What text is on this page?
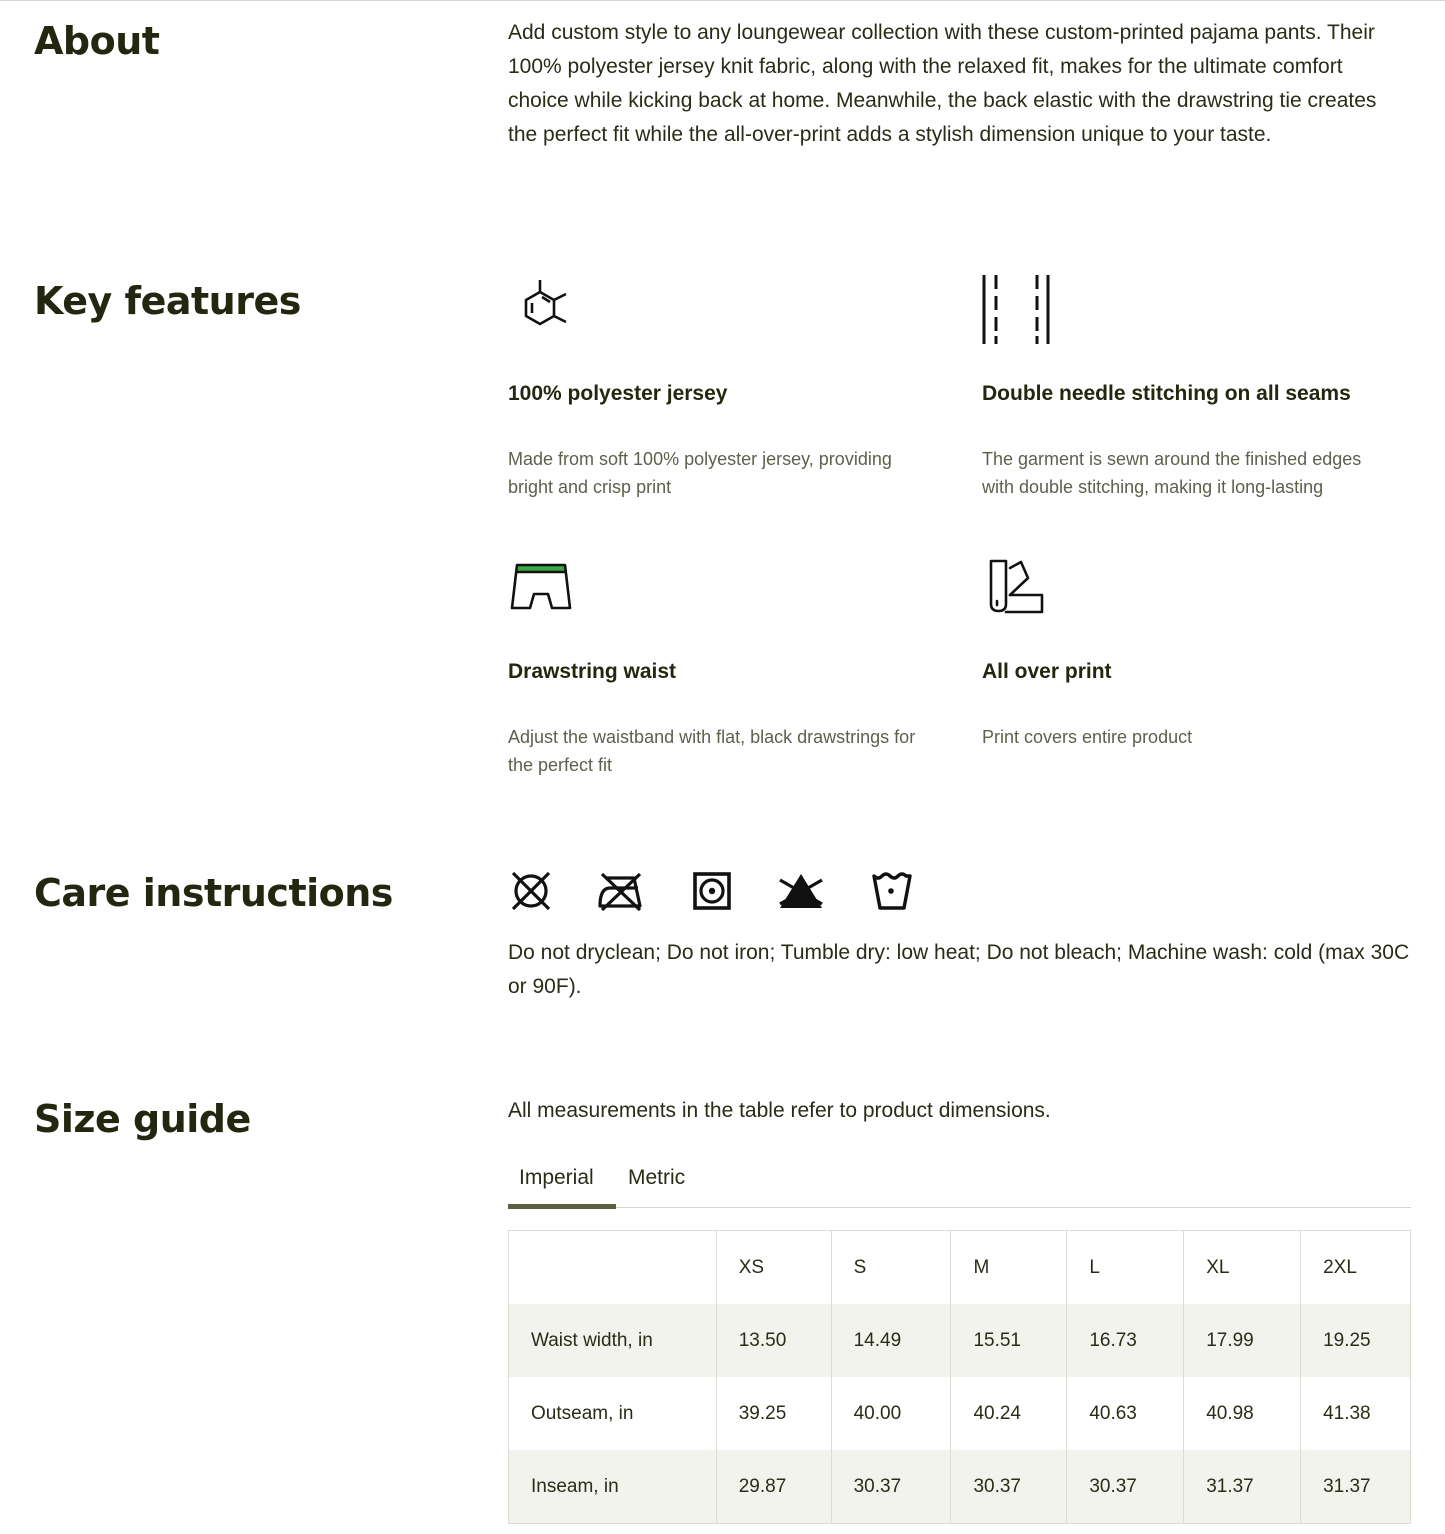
About	Add custom style to any loungewear collection with these custom-printed pajama pants. Their 100% polyester jersey knit fabric, along with the relaxed fit, makes for the ultimate comfort choice while kicking back at home. Meanwhile, the back elastic with the drawstring tie creates the perfect fit while the all-over-print adds a stylish dimension unique to your taste.

Key features

100% polyester jersey

Made from soft 100% polyester jersey, providing bright and crisp print

Double needle stitching on all seams

The garment is sewn around the finished edges with double stitching, making it long-lasting

Drawstring waist

Adjust the waistband with flat, black drawstrings for the perfect fit

All over print

Print covers entire product

Care instructions

Do not dryclean; Do not iron; Tumble dry: low heat; Do not bleach; Machine wash: cold (max 30C or 90F).

Size guide	All measurements in the table refer to product dimensions.

Imperial	Metric
	XS	S	M	L	XL	2XL
Waist width, in	13.50	14.49	15.51	16.73	17.99	19.25
Outseam, in	39.25	40.00	40.24	40.63	40.98	41.38
Inseam, in	29.87	30.37	30.37	30.37	31.37	31.37
